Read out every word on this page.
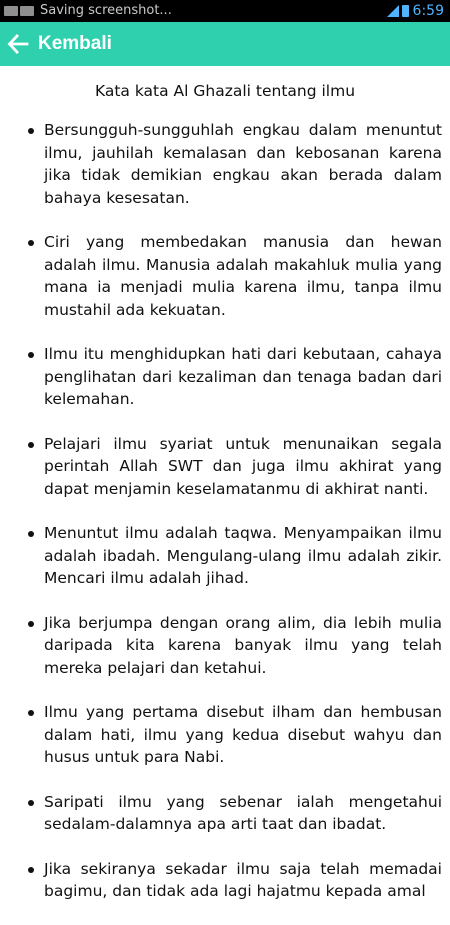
Saving screenshot...	6:59
Kembali
Kata kata Al Ghazali tentang ilmu
Bersungguh-sungguhlah engkau dalam menuntut ilmu, jauhilah kemalasan dan kebosanan karena jika tidak demikian engkau akan berada dalam bahaya kesesatan.
Ciri yang membedakan manusia dan hewan adalah ilmu. Manusia adalah makahluk mulia yang mana ia menjadi mulia karena ilmu, tanpa ilmu mustahil ada kekuatan.
Ilmu itu menghidupkan hati dari kebutaan, cahaya penglihatan dari kezaliman dan tenaga badan dari kelemahan.
Pelajari ilmu syariat untuk menunaikan segala perintah Allah SWT dan juga ilmu akhirat yang dapat menjamin keselamatanmu di akhirat nanti.
Menuntut ilmu adalah taqwa. Menyampaikan ilmu adalah ibadah. Mengulang-ulang ilmu adalah zikir. Mencari ilmu adalah jihad.
Jika berjumpa dengan orang alim, dia lebih mulia daripada kita karena banyak ilmu yang telah mereka pelajari dan ketahui.
Ilmu yang pertama disebut ilham dan hembusan dalam hati, ilmu yang kedua disebut wahyu dan husus untuk para Nabi.
Saripati ilmu yang sebenar ialah mengetahui sedalam-dalamnya apa arti taat dan ibadat.
Jika sekiranya sekadar ilmu saja telah memadai bagimu, dan tidak ada lagi hajatmu kepada amal
